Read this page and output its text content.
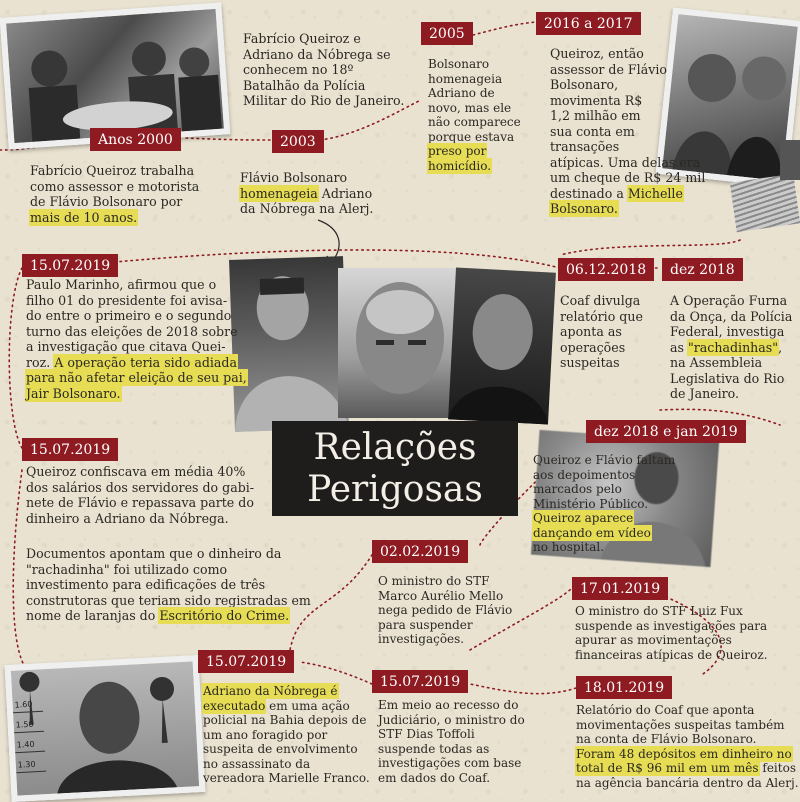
1.60
1.50
1.40
1.30
Relações
Perigosas
Anos 2000
Fabrício Queiroz trabalha
como assessor e motorista
de Flávio Bolsonaro por
mais de 10 anos.
Fabrício Queiroz e
Adriano da Nóbrega se
conhecem no 18º
Batalhão da Polícia
Militar do Rio de Janeiro.
2003
Flávio Bolsonaro
homenageia Adriano
da Nóbrega na Alerj.
2005
Bolsonaro
homenageia
Adriano de
novo, mas ele
não comparece
porque estava
preso por
homicídio.
2016 a 2017
Queiroz, então
assessor de Flávio
Bolsonaro,
movimenta R$
1,2 milhão em
sua conta em
transações
atípicas. Uma delas era
um cheque de R$ 24 mil
destinado a Michelle
Bolsonaro.
15.07.2019
Paulo Marinho, afirmou que o
filho 01 do presidente foi avisa-
do entre o primeiro e o segundo
turno das eleições de 2018 sobre
a investigação que citava Quei-
roz. A operação teria sido adiada
para não afetar eleição de seu pai,
Jair Bolsonaro.
06.12.2018
Coaf divulga
relatório que
aponta as
operações
suspeitas
dez 2018
A Operação Furna
da Onça, da Polícia
Federal, investiga
as "rachadinhas",
na Assembleia
Legislativa do Rio
de Janeiro.
15.07.2019
Queiroz confiscava em média 40%
dos salários dos servidores do gabi-
nete de Flávio e repassava parte do
dinheiro a Adriano da Nóbrega.
Documentos apontam que o dinheiro da
"rachadinha" foi utilizado como
investimento para edificações de três
construtoras que teriam sido registradas em
nome de laranjas do Escritório do Crime.
dez 2018 e jan 2019
Queiroz e Flávio faltam
aos depoimentos
marcados pelo
Ministério Público.
Queiroz aparece
dançando em vídeo
no hospital.
02.02.2019
O ministro do STF
Marco Aurélio Mello
nega pedido de Flávio
para suspender
investigações.
17.01.2019
O ministro do STF Luiz Fux
suspende as investigações para
apurar as movimentações
financeiras atípicas de Queiroz.
15.07.2019
Adriano da Nóbrega é
executado em uma ação
policial na Bahia depois de
um ano foragido por
suspeita de envolvimento
no assassinato da
vereadora Marielle Franco.
15.07.2019
Em meio ao recesso do
Judiciário, o ministro do
STF Dias Toffoli
suspende todas as
investigações com base
em dados do Coaf.
18.01.2019
Relatório do Coaf que aponta
movimentações suspeitas também
na conta de Flávio Bolsonaro.
Foram 48 depósitos em dinheiro no
total de R$ 96 mil em um mês feitos
na agência bancária dentro da Alerj.
